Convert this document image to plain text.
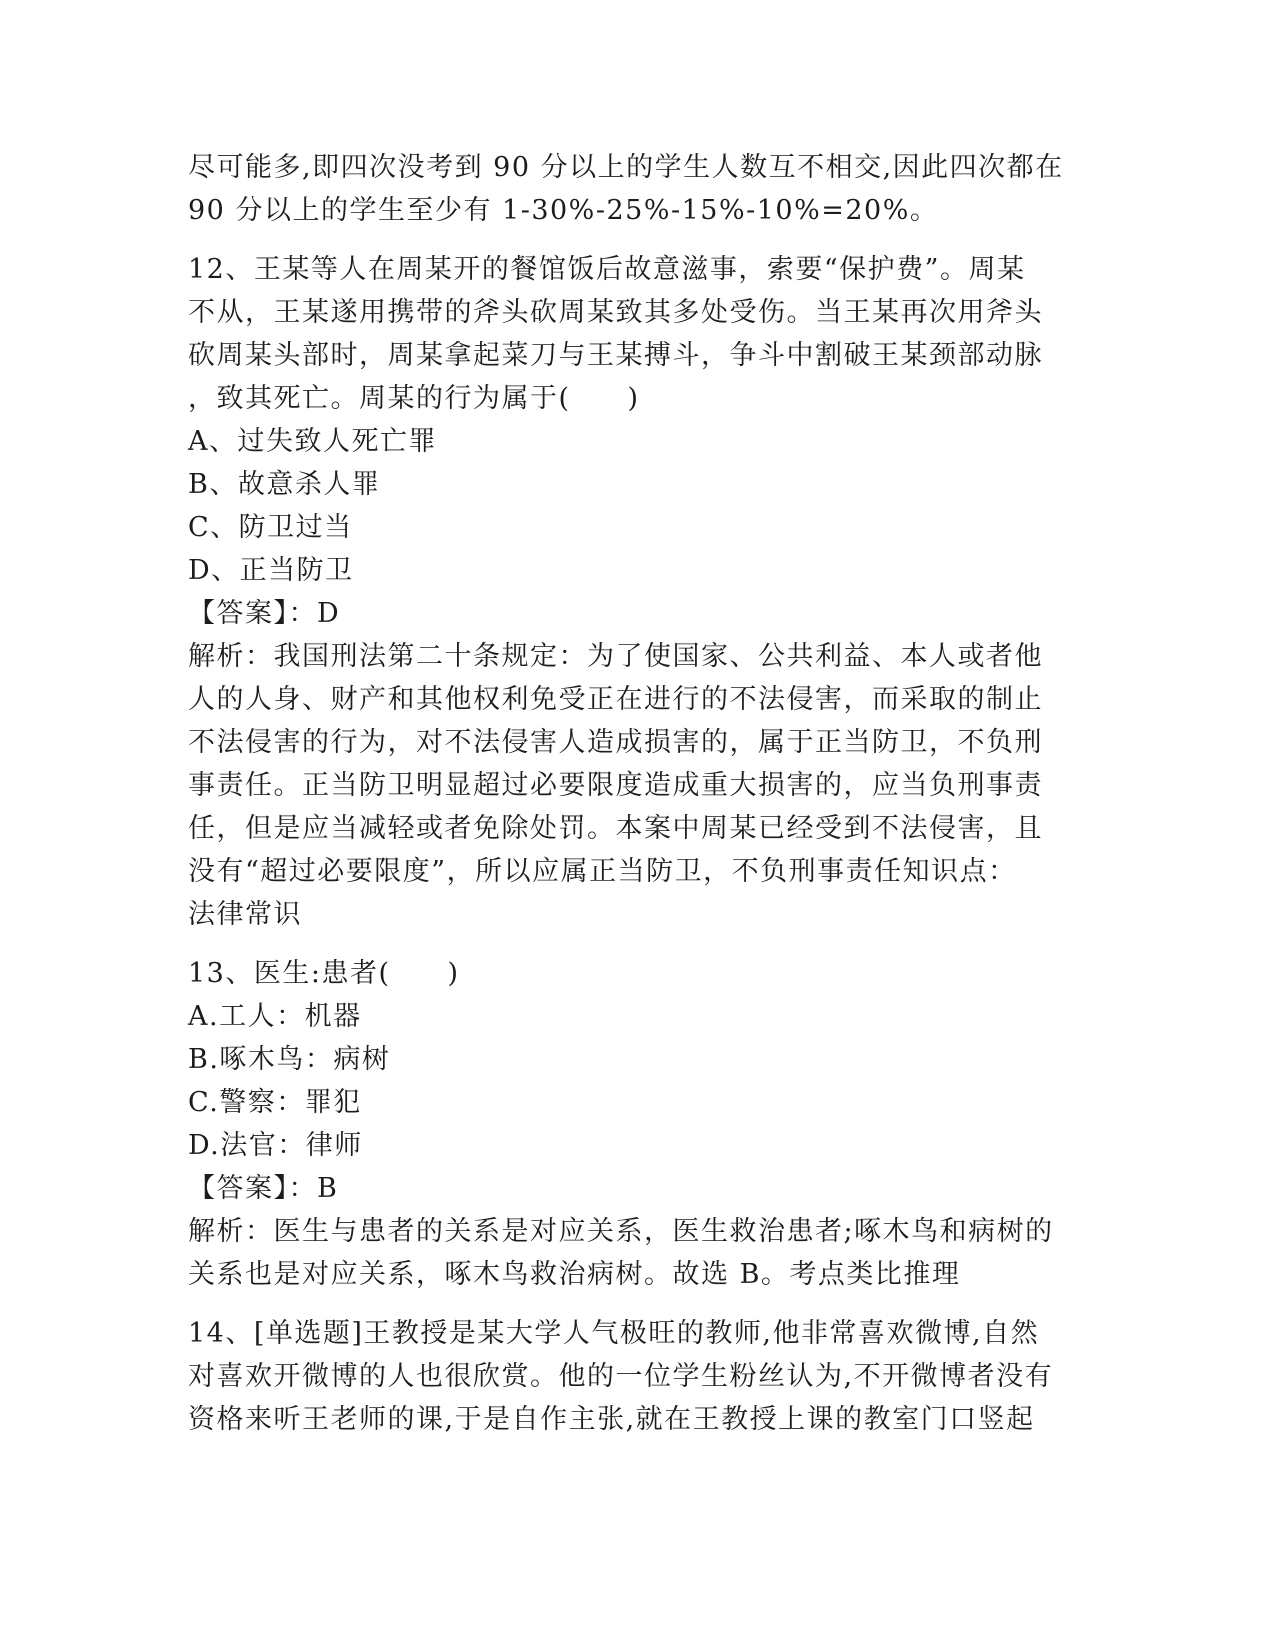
尽可能多,即四次没考到 90 分以上的学生人数互不相交,因此四次都在
90 分以上的学生至少有 1-30%-25%-15%-10%=20%。
12、王某等人在周某开的餐馆饭后故意滋事，索要“保护费”。周某
不从，王某遂用携带的斧头砍周某致其多处受伤。当王某再次用斧头
砍周某头部时，周某拿起菜刀与王某搏斗，争斗中割破王某颈部动脉
，致其死亡。周某的行为属于(　　)
A、过失致人死亡罪
B、故意杀人罪
C、防卫过当
D、正当防卫
【答案】：D
解析：我国刑法第二十条规定：为了使国家、公共利益、本人或者他
人的人身、财产和其他权利免受正在进行的不法侵害，而采取的制止
不法侵害的行为，对不法侵害人造成损害的，属于正当防卫，不负刑
事责任。正当防卫明显超过必要限度造成重大损害的，应当负刑事责
任，但是应当减轻或者免除处罚。本案中周某已经受到不法侵害，且
没有“超过必要限度”，所以应属正当防卫，不负刑事责任知识点：
法律常识
13、医生:患者(　　)
A.工人：机器
B.啄木鸟：病树
C.警察：罪犯
D.法官：律师
【答案】：B
解析：医生与患者的关系是对应关系，医生救治患者;啄木鸟和病树的
关系也是对应关系，啄木鸟救治病树。故选 B。考点类比推理
14、[单选题]王教授是某大学人气极旺的教师,他非常喜欢微博,自然
对喜欢开微博的人也很欣赏。他的一位学生粉丝认为,不开微博者没有
资格来听王老师的课,于是自作主张,就在王教授上课的教室门口竖起
